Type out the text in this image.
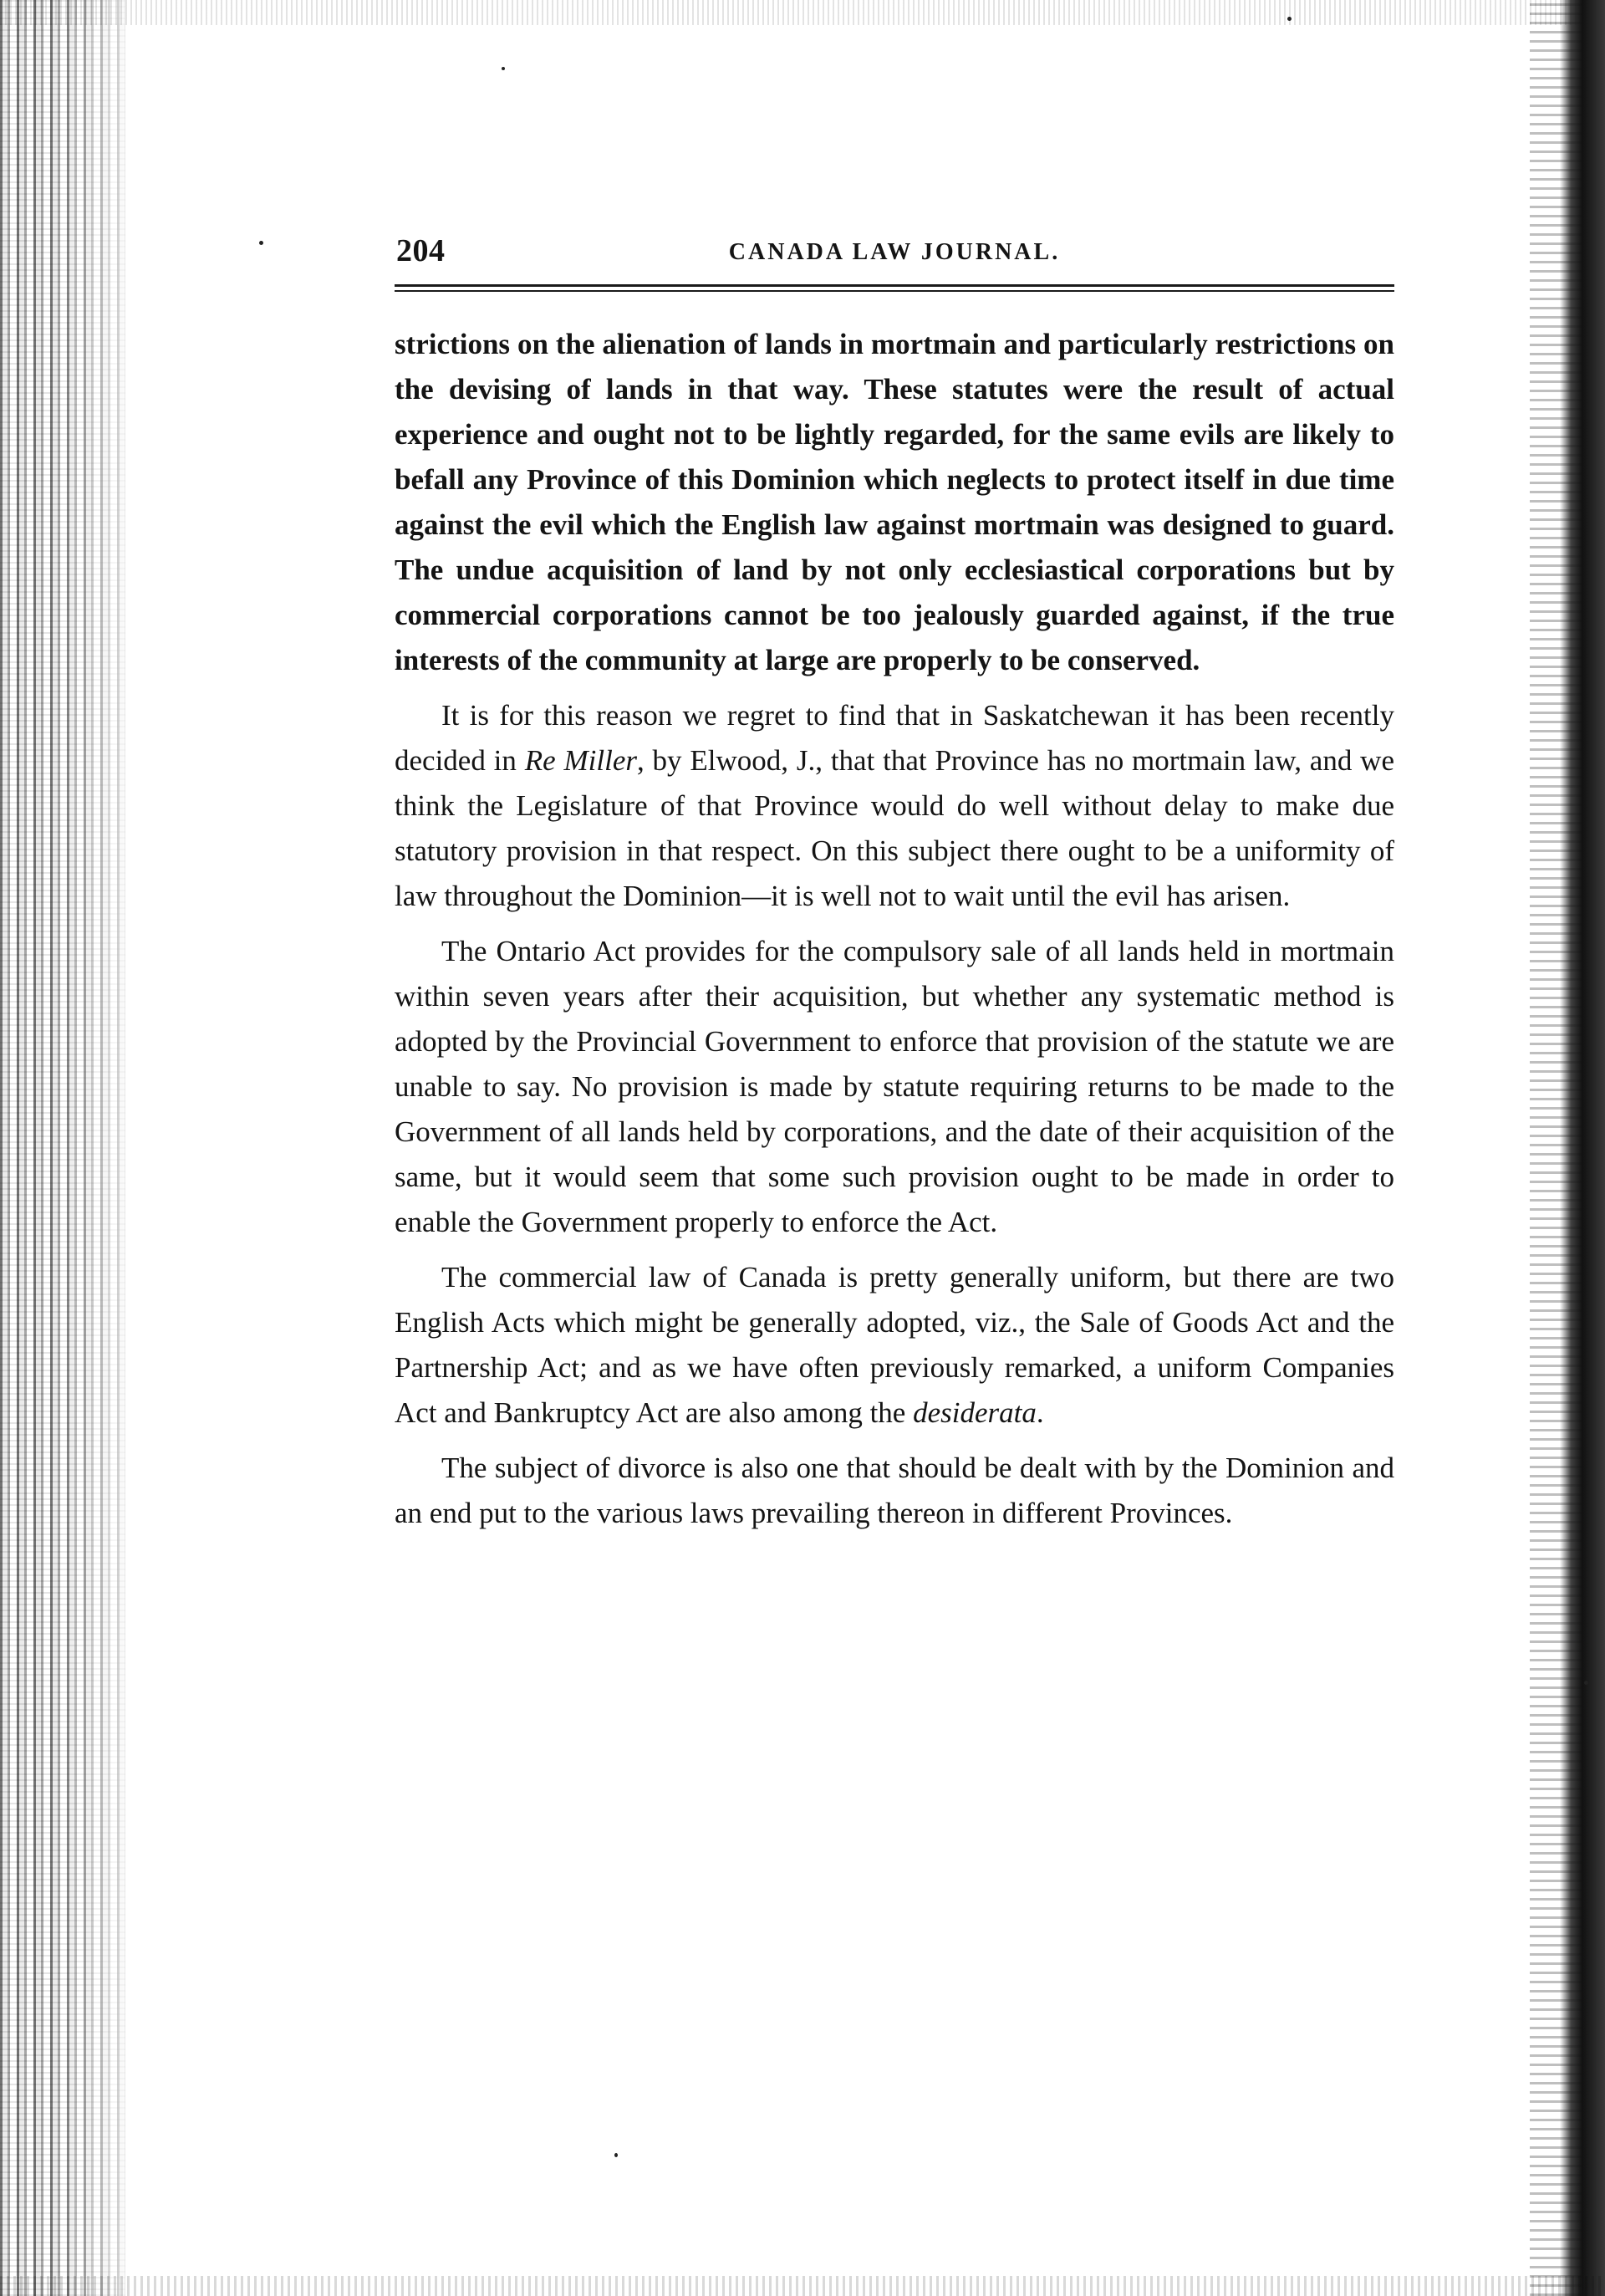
204	CANADA LAW JOURNAL.

strictions on the alienation of lands in mortmain and particularly restrictions on the devising of lands in that way. These statutes were the result of actual experience and ought not to be lightly regarded, for the same evils are likely to befall any Province of this Dominion which neglects to protect itself in due time against the evil which the English law against mortmain was designed to guard. The undue acquisition of land by not only ecclesiastical corporations but by commercial corporations cannot be too jealously guarded against, if the true interests of the community at large are properly to be conserved.

It is for this reason we regret to find that in Saskatchewan it has been recently decided in Re Miller, by Elwood, J., that that Province has no mortmain law, and we think the Legislature of that Province would do well without delay to make due statutory provision in that respect. On this subject there ought to be a uniformity of law throughout the Dominion—it is well not to wait until the evil has arisen.

The Ontario Act provides for the compulsory sale of all lands held in mortmain within seven years after their acquisition, but whether any systematic method is adopted by the Provincial Government to enforce that provision of the statute we are unable to say. No provision is made by statute requiring returns to be made to the Government of all lands held by corporations, and the date of their acquisition of the same, but it would seem that some such provision ought to be made in order to enable the Government properly to enforce the Act.

The commercial law of Canada is pretty generally uniform, but there are two English Acts which might be generally adopted, viz., the Sale of Goods Act and the Partnership Act; and as we have often previously remarked, a uniform Companies Act and Bankruptcy Act are also among the desiderata.

The subject of divorce is also one that should be dealt with by the Dominion and an end put to the various laws prevailing thereon in different Provinces.
